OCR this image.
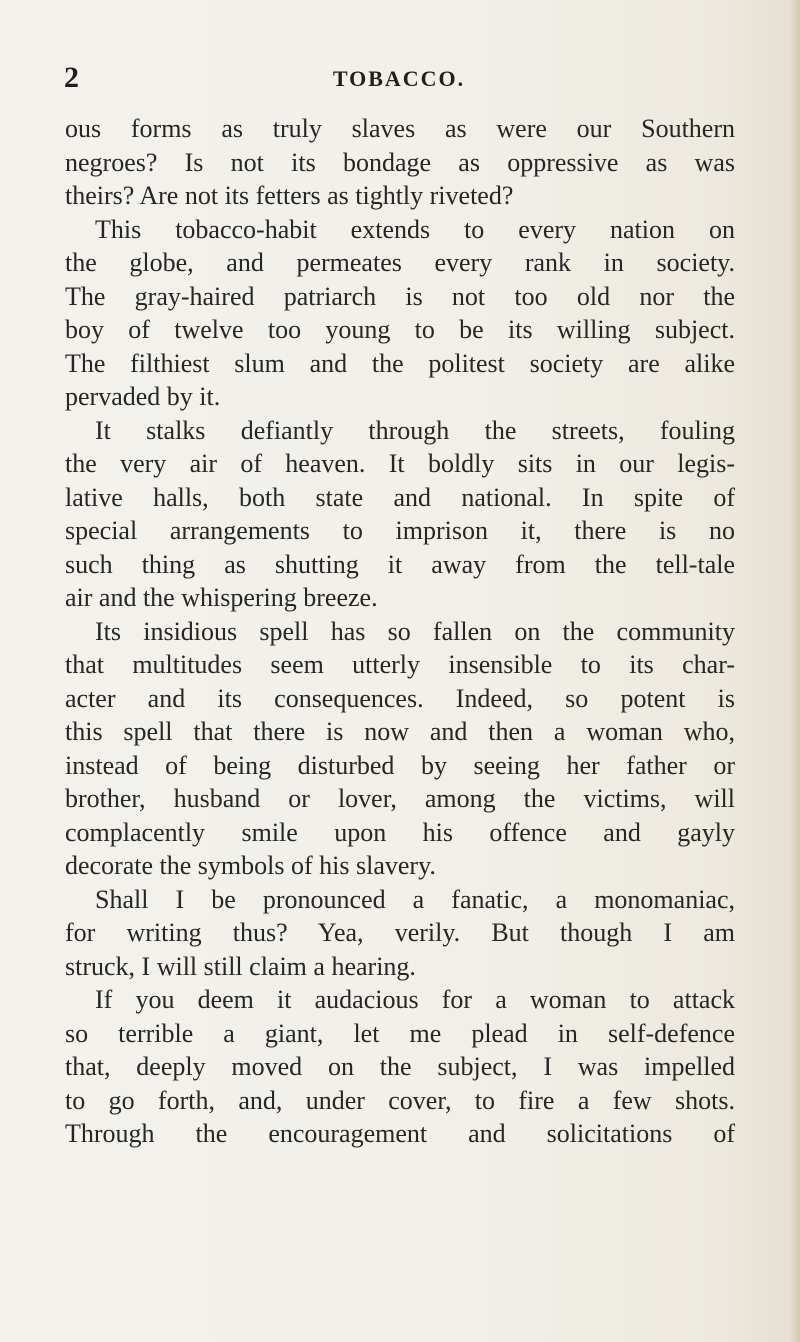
2	TOBACCO.
ous forms as truly slaves as were our Southern
negroes? Is not its bondage as oppressive as was
theirs? Are not its fetters as tightly riveted?
This tobacco-habit extends to every nation on
the globe, and permeates every rank in society.
The gray-haired patriarch is not too old nor the
boy of twelve too young to be its willing subject.
The filthiest slum and the politest society are alike
pervaded by it.
It stalks defiantly through the streets, fouling
the very air of heaven. It boldly sits in our legis-
lative halls, both state and national. In spite of
special arrangements to imprison it, there is no
such thing as shutting it away from the tell-tale
air and the whispering breeze.
Its insidious spell has so fallen on the community
that multitudes seem utterly insensible to its char-
acter and its consequences. Indeed, so potent is
this spell that there is now and then a woman who,
instead of being disturbed by seeing her father or
brother, husband or lover, among the victims, will
complacently smile upon his offence and gayly
decorate the symbols of his slavery.
Shall I be pronounced a fanatic, a monomaniac,
for writing thus? Yea, verily. But though I am
struck, I will still claim a hearing.
If you deem it audacious for a woman to attack
so terrible a giant, let me plead in self-defence
that, deeply moved on the subject, I was impelled
to go forth, and, under cover, to fire a few shots.
Through the encouragement and solicitations of
